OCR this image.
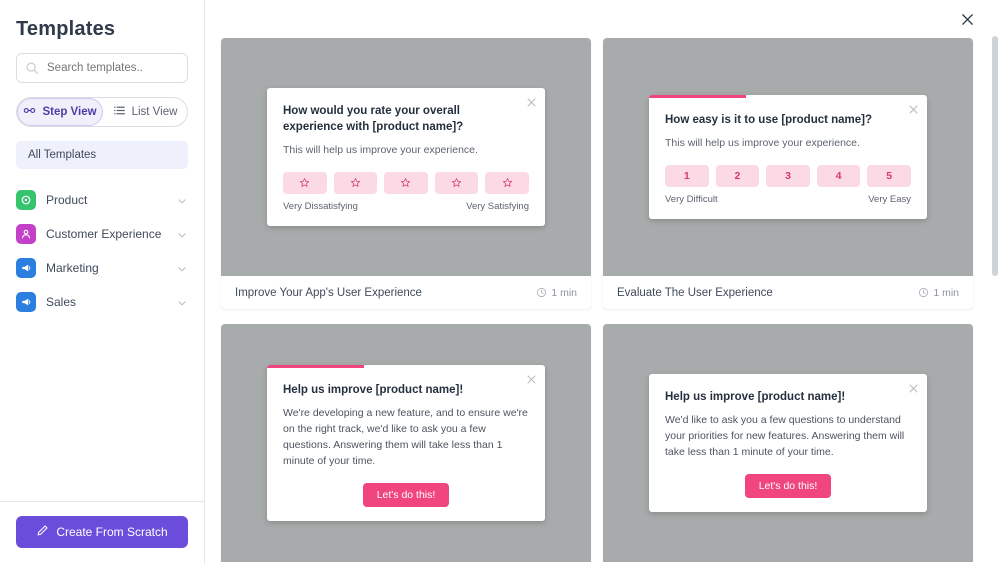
Templates
Search templates..
Step View	List View
All Templates
Product
Customer Experience
Marketing
Sales
Create From Scratch
How would you rate your overall experience with [product name]?
This will help us improve your experience.
Very Dissatisfying	Very Satisfying
Improve Your App's User Experience	1 min
How easy is it to use [product name]?
This will help us improve your experience.
1	2	3	4	5
Very Difficult	Very Easy
Evaluate The User Experience	1 min
Help us improve [product name]!
We're developing a new feature, and to ensure we're on the right track, we'd like to ask you a few questions. Answering them will take less than 1 minute of your time.
Let's do this!
Help us improve [product name]!
We'd like to ask you a few questions to understand your priorities for new features. Answering them will take less than 1 minute of your time.
Let's do this!
